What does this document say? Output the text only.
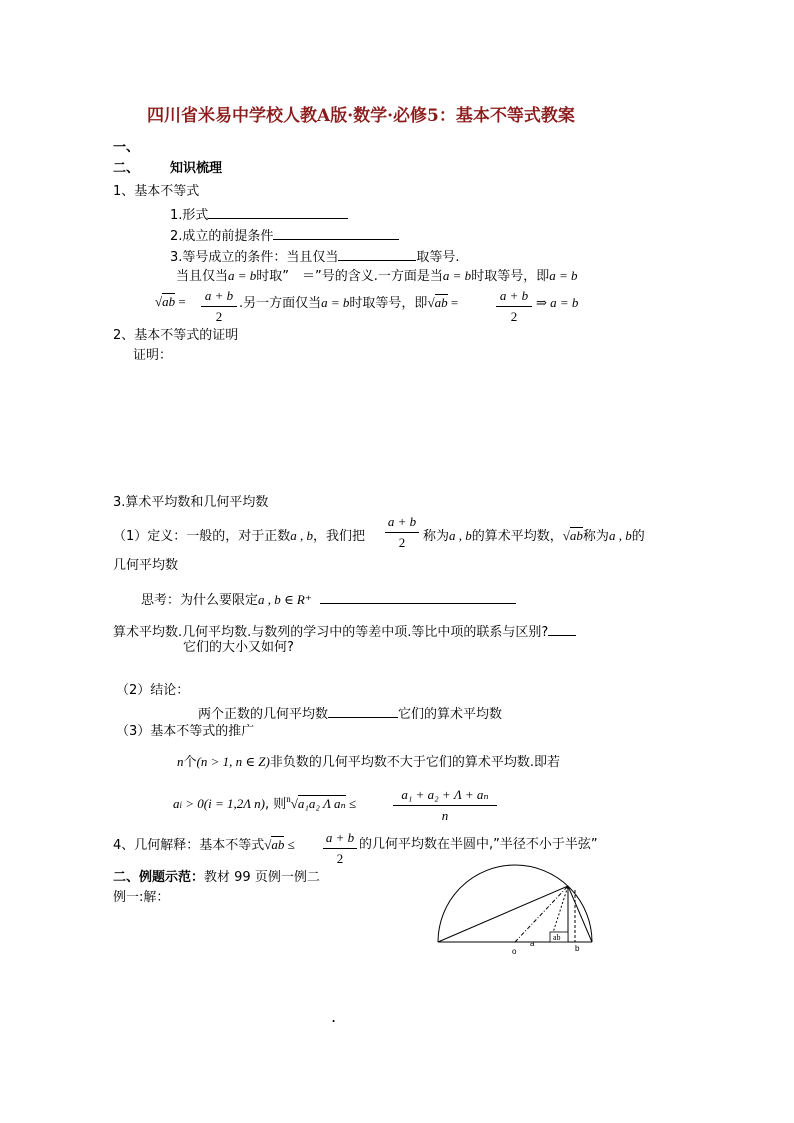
四川省米易中学校人教A版·数学·必修5：基本不等式教案
一、
二、 知识梳理
1、基本不等式
1.形式
2.成立的前提条件
3.等号成立的条件：当且仅当	取等号.
当且仅当a = b时取”　＝”号的含义.一方面是当a = b时取等号，即a = b
√ab = a + b
2
.另一方面仅当a = b时取等号，即√ab =	a + b
2
⇒ a = b
2、基本不等式的证明
证明：
3.算术平均数和几何平均数
（1）定义：一般的，对于正数a , b，我们把
a + b
2	称为a , b的算术平均数，√ab称为a , b的
几何平均数
思考：为什么要限定a , b ∈ R⁺
算术平均数.几何平均数.与数列的学习中的等差中项.等比中项的联系与区别?
它们的大小又如何?
（2）结论：
两个正数的几何平均数	它们的算术平均数
（3）基本不等式的推广
n个(n > 1, n ∈ Z)非负数的几何平均数不大于它们的算术平均数.即若
ai > 0(i = 1,2Λ n), 则$^n$√a₁a₂ Λ aₙ ≤
a₁ + a₂ + Λ + aₙ
n
4、几何解释：基本不等式√ab ≤ a + b
2
的几何平均数在半圆中,”半径不小于半弦”
二、例题示范：教材 99 页例一例二
例一:解：
ab
o
a
b
.
